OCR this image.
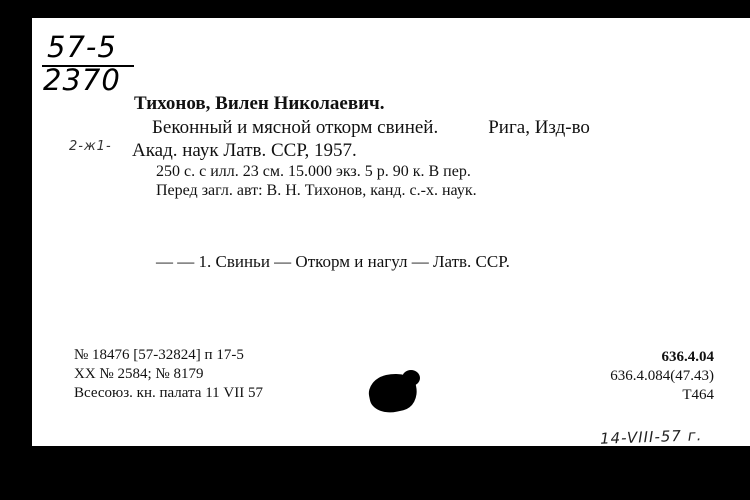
57-5
2370
Тихонов, Вилен Николаевич.
Беконный и мясной откорм свиней.	Рига, Изд-во
2-ж1- Акад. наук Латв. ССР, 1957.
250 с. с илл. 23 см. 15.000 экз. 5 р. 90 к. В пер.
Перед загл. авт: В. Н. Тихонов, канд. с.-х. наук.
— — 1. Свиньи — Откорм и нагул — Латв. ССР.
№ 18476 [57-32824] п 17-5
XX № 2584; № 8179
Всесоюз. кн. палата 11 VII 57
636.4.04
636.4.084(47.43)
Т464
14-VIII-57 г.
